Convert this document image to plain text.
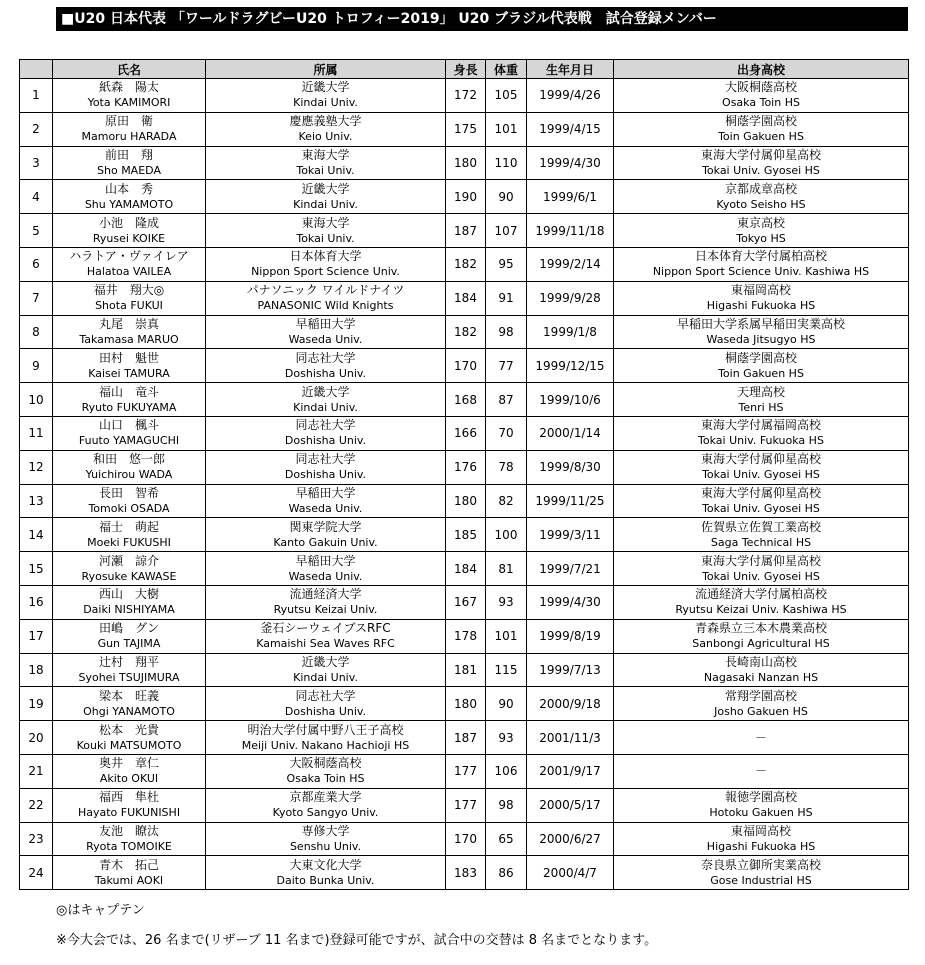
■U20 日本代表 「ワールドラグビーU20 トロフィー2019」 U20 ブラジル代表戦　試合登録メンバー
	氏名	所属	身長	体重	生年月日	出身高校
1	紙森　陽太
Yota KAMIMORI	近畿大学
Kindai Univ.	172	105	1999/4/26	大阪桐蔭高校
Osaka Toin HS

2	原田　衛
Mamoru HARADA	慶應義塾大学
Keio Univ.	175	101	1999/4/15	桐蔭学園高校
Toin Gakuen HS

3	前田　翔
Sho MAEDA	東海大学
Tokai Univ.	180	110	1999/4/30	東海大学付属仰星高校
Tokai Univ. Gyosei HS

4	山本　秀
Shu YAMAMOTO	近畿大学
Kindai Univ.	190	90	1999/6/1	京都成章高校
Kyoto Seisho HS

5	小池　隆成
Ryusei KOIKE	東海大学
Tokai Univ.	187	107	1999/11/18	東京高校
Tokyo HS

6	ハラトア・ヴァイレア
Halatoa VAILEA	日本体育大学
Nippon Sport Science Univ.	182	95	1999/2/14	日本体育大学付属柏高校
Nippon Sport Science Univ. Kashiwa HS

7	福井　翔大◎
Shota FUKUI	パナソニック ワイルドナイツ
PANASONIC Wild Knights	184	91	1999/9/28	東福岡高校
Higashi Fukuoka HS

8	丸尾　崇真
Takamasa MARUO	早稲田大学
Waseda Univ.	182	98	1999/1/8	早稲田大学系属早稲田実業高校
Waseda Jitsugyo HS

9	田村　魁世
Kaisei TAMURA	同志社大学
Doshisha Univ.	170	77	1999/12/15	桐蔭学園高校
Toin Gakuen HS

10	福山　竜斗
Ryuto FUKUYAMA	近畿大学
Kindai Univ.	168	87	1999/10/6	天理高校
Tenri HS

11	山口　楓斗
Fuuto YAMAGUCHI	同志社大学
Doshisha Univ.	166	70	2000/1/14	東海大学付属福岡高校
Tokai Univ. Fukuoka HS

12	和田　悠一郎
Yuichirou WADA	同志社大学
Doshisha Univ.	176	78	1999/8/30	東海大学付属仰星高校
Tokai Univ. Gyosei HS

13	長田　智希
Tomoki OSADA	早稲田大学
Waseda Univ.	180	82	1999/11/25	東海大学付属仰星高校
Tokai Univ. Gyosei HS

14	福士　萌起
Moeki FUKUSHI	関東学院大学
Kanto Gakuin Univ.	185	100	1999/3/11	佐賀県立佐賀工業高校
Saga Technical HS

15	河瀬　諒介
Ryosuke KAWASE	早稲田大学
Waseda Univ.	184	81	1999/7/21	東海大学付属仰星高校
Tokai Univ. Gyosei HS

16	西山　大樹
Daiki NISHIYAMA	流通経済大学
Ryutsu Keizai Univ.	167	93	1999/4/30	流通経済大学付属柏高校
Ryutsu Keizai Univ. Kashiwa HS

17	田嶋　グン
Gun TAJIMA	釜石シーウェイブスRFC
Kamaishi Sea Waves RFC	178	101	1999/8/19	青森県立三本木農業高校
Sanbongi Agricultural HS

18	辻村　翔平
Syohei TSUJIMURA	近畿大学
Kindai Univ.	181	115	1999/7/13	長崎南山高校
Nagasaki Nanzan HS

19	梁本　旺義
Ohgi YANAMOTO	同志社大学
Doshisha Univ.	180	90	2000/9/18	常翔学園高校
Josho Gakuen HS

20	松本　光貴
Kouki MATSUMOTO	明治大学付属中野八王子高校
Meiji Univ. Nakano Hachioji HS	187	93	2001/11/3	－

21	奥井　章仁
Akito OKUI	大阪桐蔭高校
Osaka Toin HS	177	106	2001/9/17	－

22	福西　隼杜
Hayato FUKUNISHI	京都産業大学
Kyoto Sangyo Univ.	177	98	2000/5/17	報徳学園高校
Hotoku Gakuen HS

23	友池　瞭汰
Ryota TOMOIKE	専修大学
Senshu Univ.	170	65	2000/6/27	東福岡高校
Higashi Fukuoka HS

24	青木　拓己
Takumi AOKI	大東文化大学
Daito Bunka Univ.	183	86	2000/4/7	奈良県立御所実業高校
Gose Industrial HS
◎はキャプテン
※今大会では、26 名まで(リザーブ 11 名まで)登録可能ですが、試合中の交替は 8 名までとなります。
